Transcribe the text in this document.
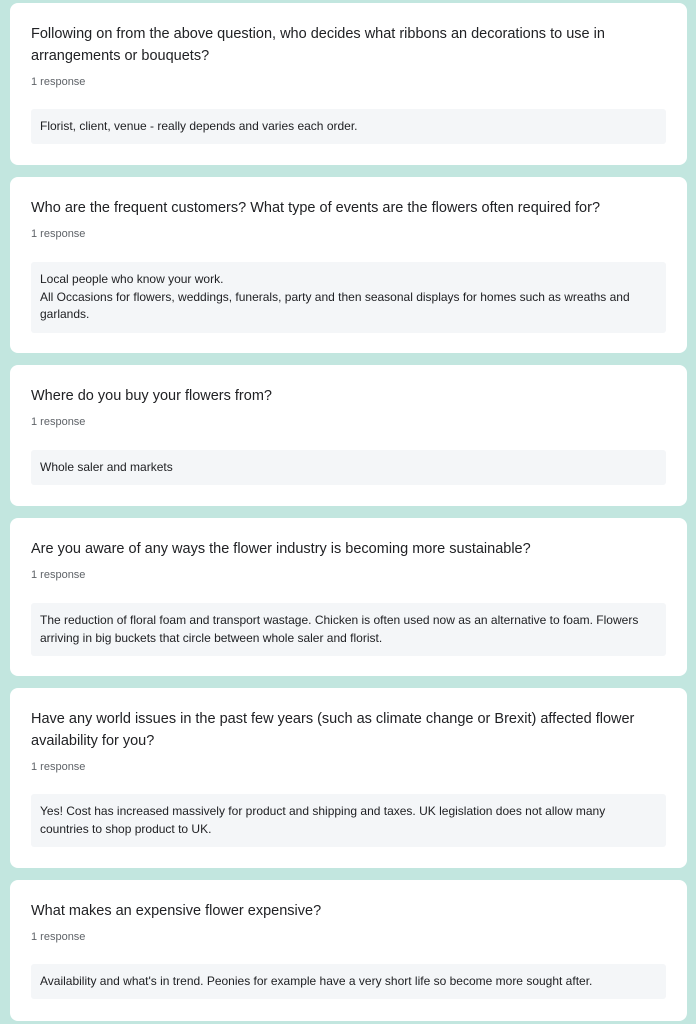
Following on from the above question, who decides what ribbons an decorations to use in arrangements or bouquets?

1 response
Florist, client, venue - really depends and varies each order.

Who are the frequent customers? What type of events are the flowers often required for?

1 response
Local people who know your work.
All Occasions for flowers, weddings, funerals, party and then seasonal displays for homes such as wreaths and garlands.

Where do you buy your flowers from?

1 response
Whole saler and markets

Are you aware of any ways the flower industry is becoming more sustainable?

1 response
The reduction of floral foam and transport wastage. Chicken is often used now as an alternative to foam. Flowers arriving in big buckets that circle between whole saler and florist.

Have any world issues in the past few years (such as climate change or Brexit) affected flower availability for you?

1 response
Yes! Cost has increased massively for product and shipping and taxes. UK legislation does not allow many countries to shop product to UK.

What makes an expensive flower expensive?

1 response
Availability and what's in trend. Peonies for example have a very short life so become more sought after.
